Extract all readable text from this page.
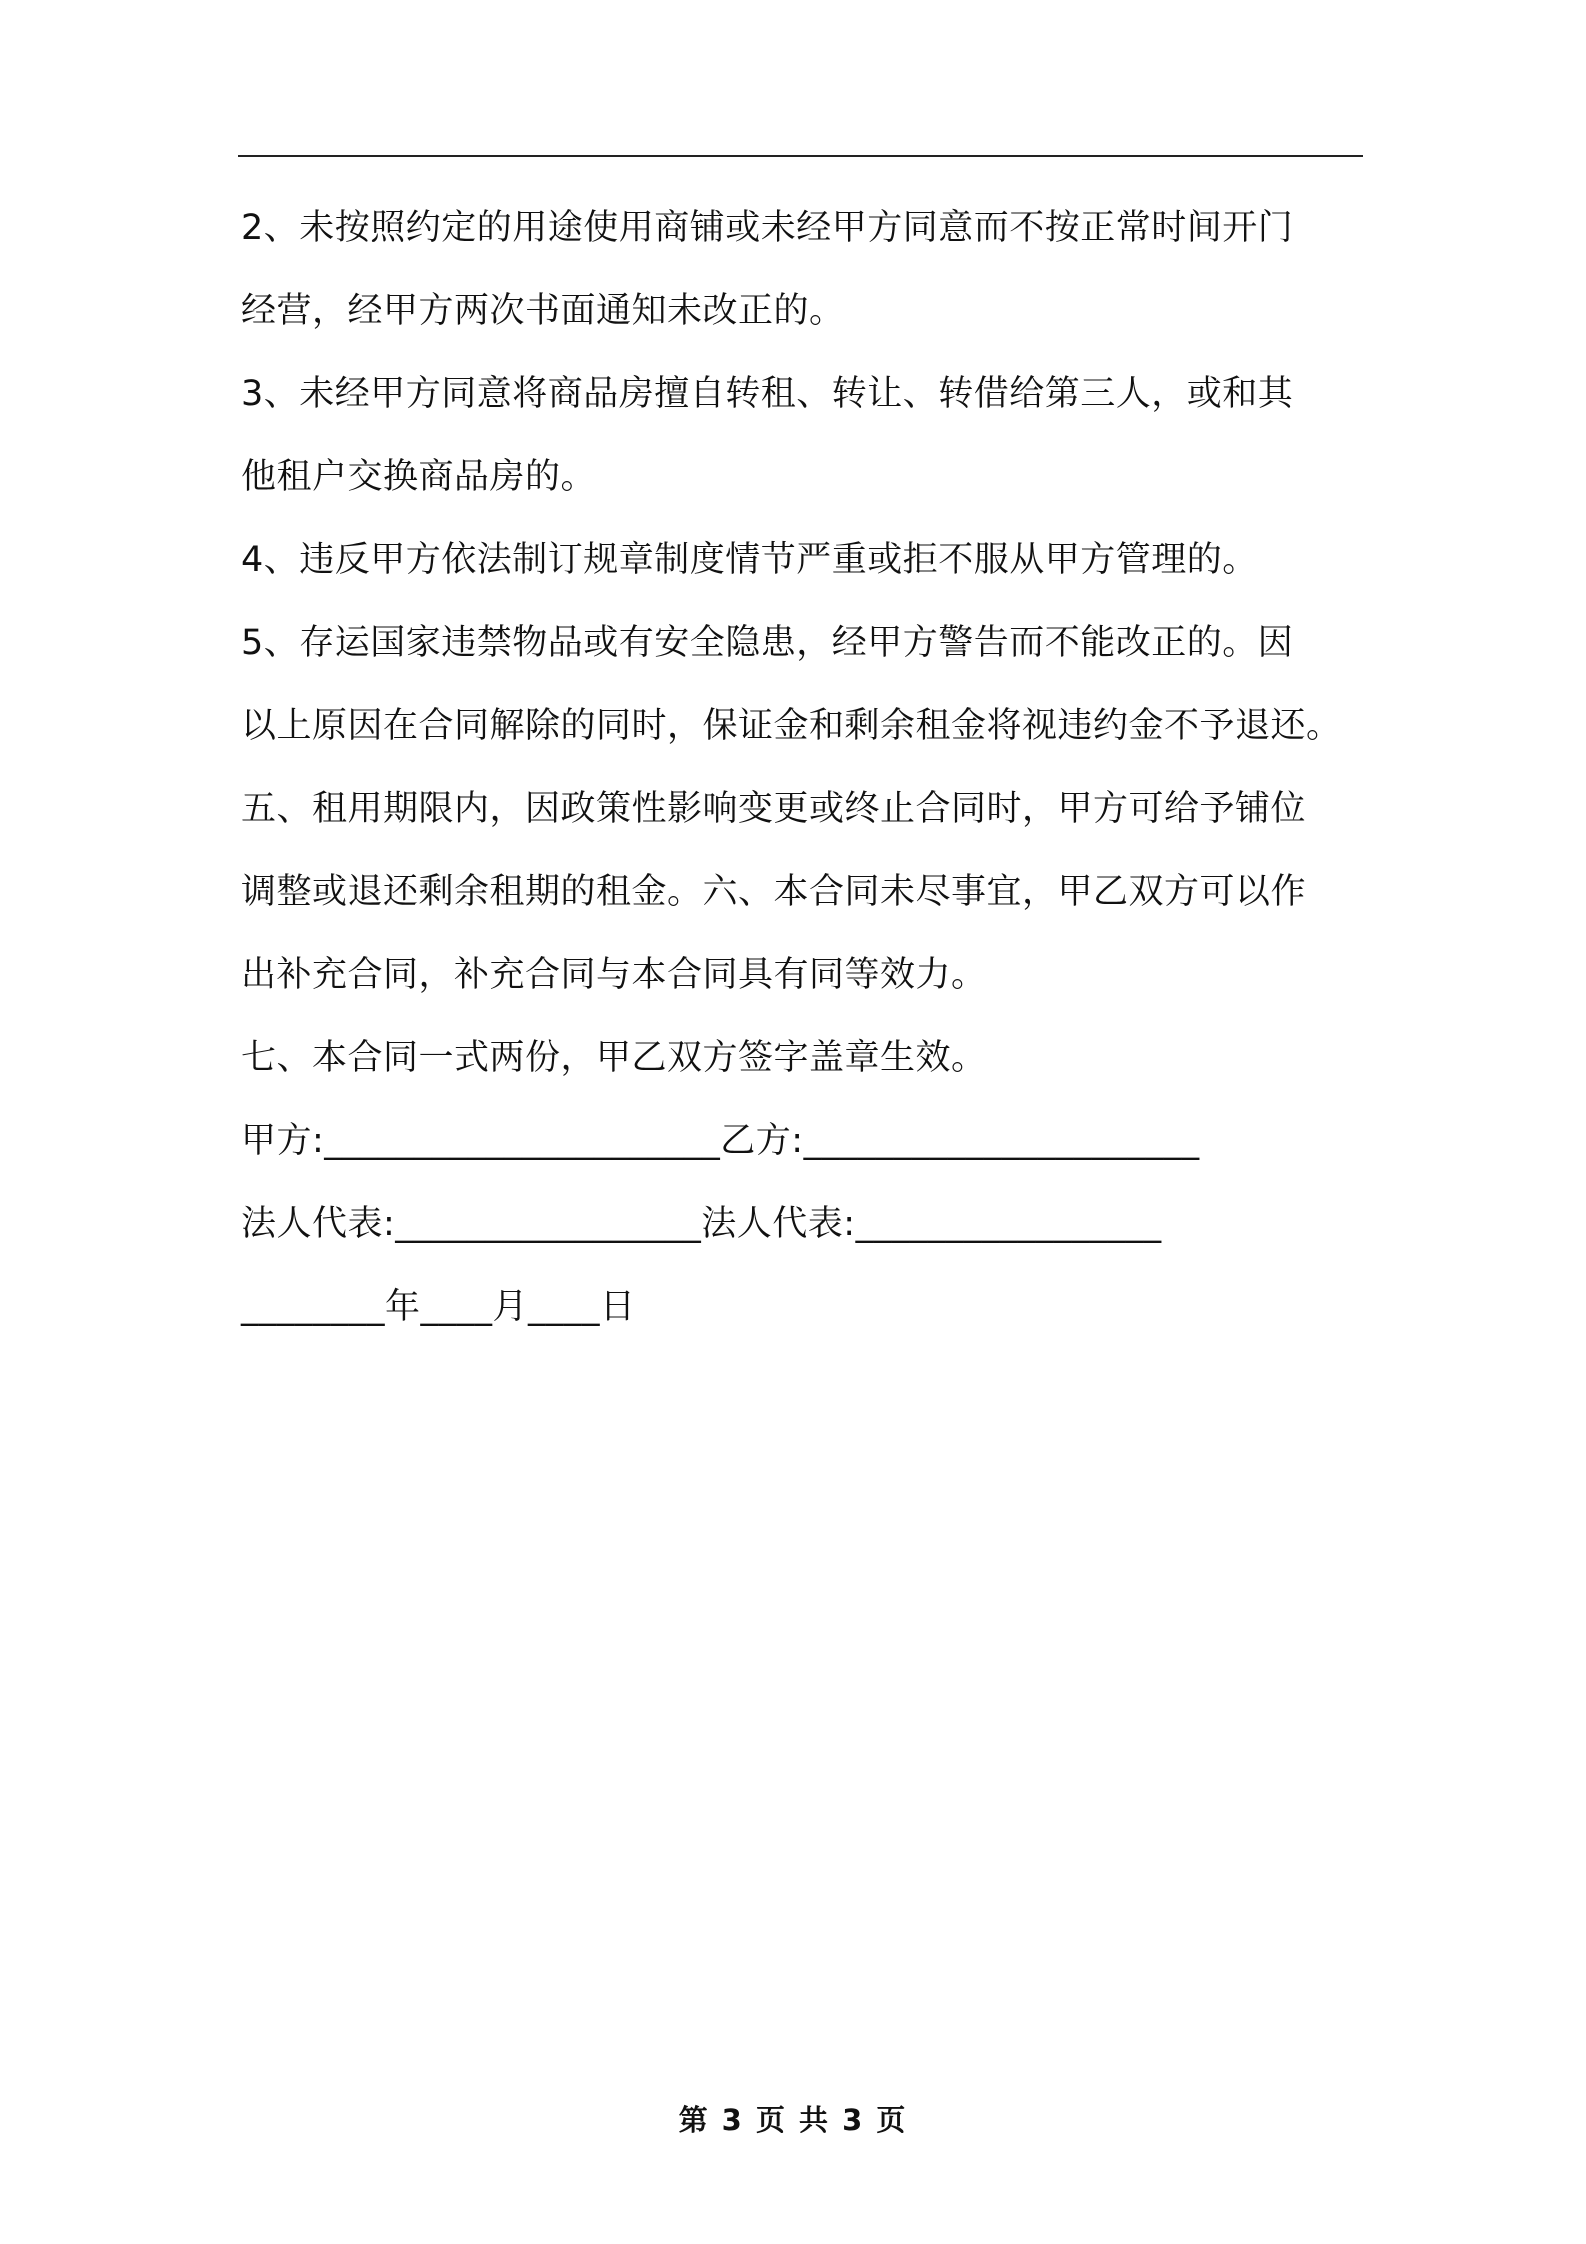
2、未按照约定的用途使用商铺或未经甲方同意而不按正常时间开门

经营，经甲方两次书面通知未改正的。

3、未经甲方同意将商品房擅自转租、转让、转借给第三人，或和其

他租户交换商品房的。

4、违反甲方依法制订规章制度情节严重或拒不服从甲方管理的。

5、存运国家违禁物品或有安全隐患，经甲方警告而不能改正的。因

以上原因在合同解除的同时，保证金和剩余租金将视违约金不予退还。

五、租用期限内，因政策性影响变更或终止合同时，甲方可给予铺位

调整或退还剩余租期的租金。六、本合同未尽事宜，甲乙双方可以作

出补充合同，补充合同与本合同具有同等效力。

七、本合同一式两份，甲乙双方签字盖章生效。

甲方:______________________乙方:______________________

法人代表:_________________法人代表:_________________

________年____月____日

第 3 页 共 3 页
